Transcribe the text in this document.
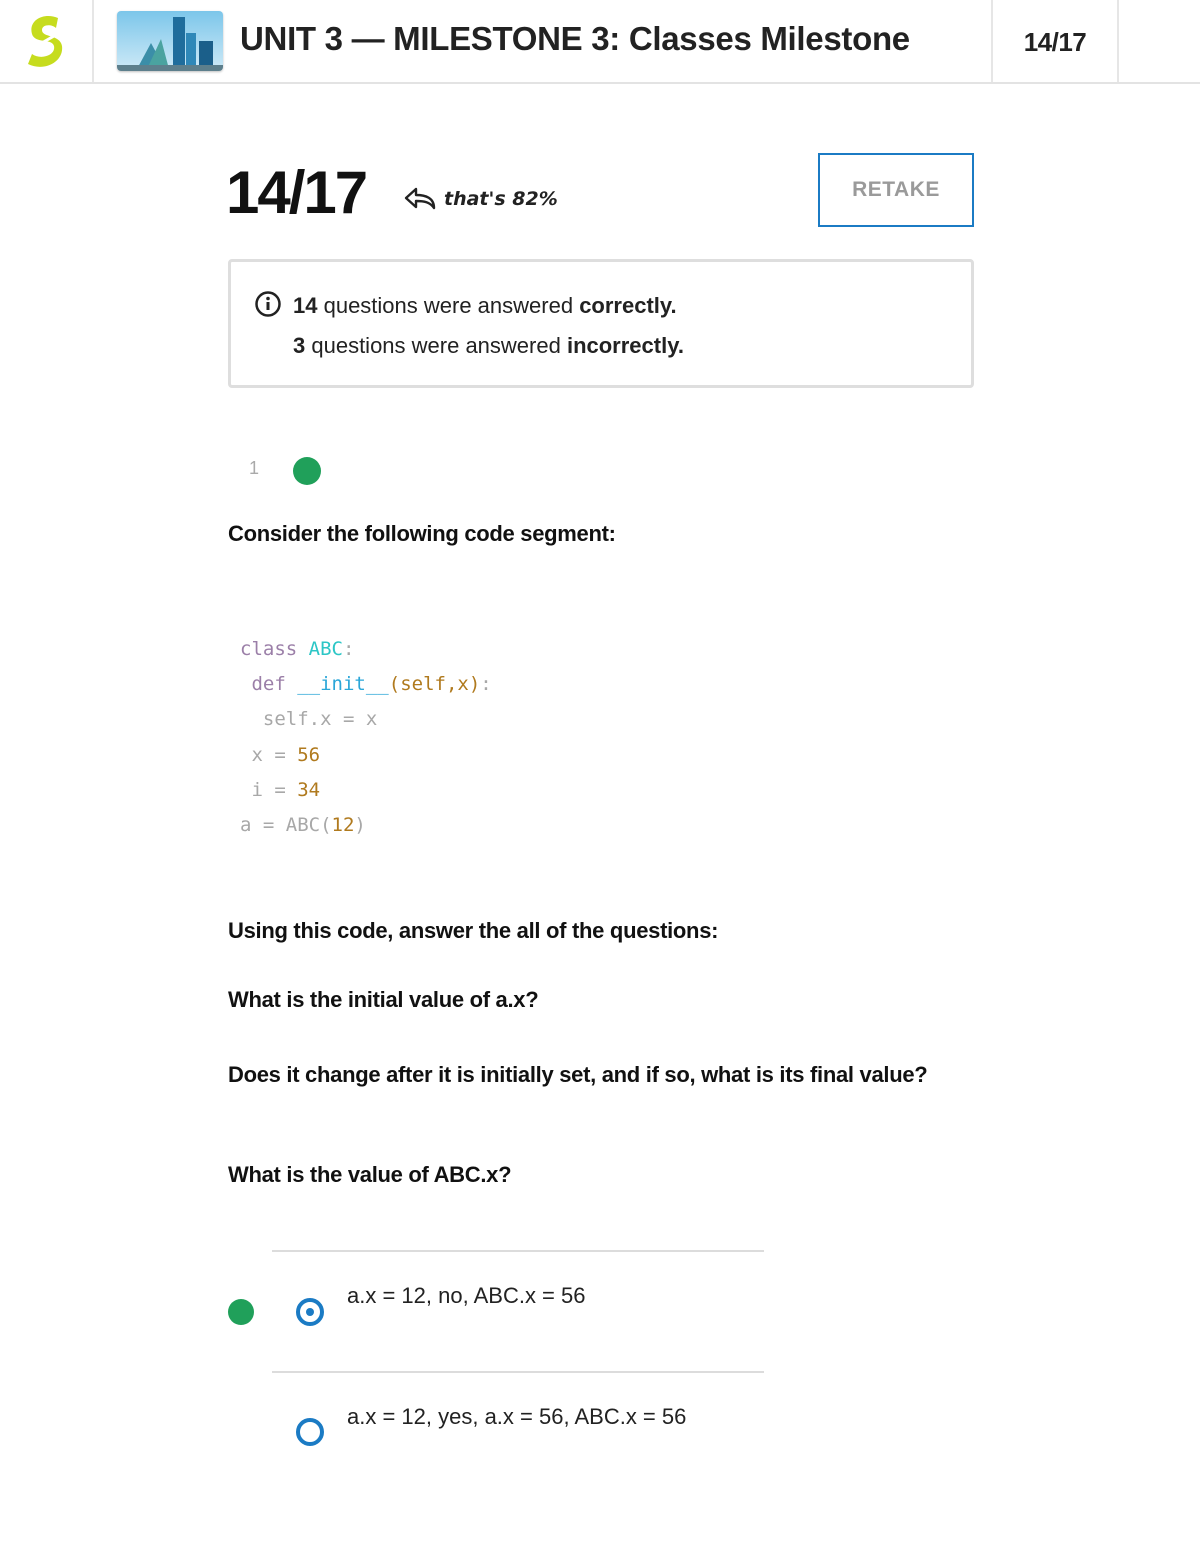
UNIT 3 — MILESTONE 3: Classes Milestone	14/17
14/17	that's 82%	RETAKE
14 questions were answered correctly.
3 questions were answered incorrectly.
1
Consider the following code segment:
class ABC:
def __init__(self,x):
self.x = x
x = 56
i = 34
a = ABC(12)
Using this code, answer the all of the questions:
What is the initial value of a.x?
Does it change after it is initially set, and if so, what is its final value?
What is the value of ABC.x?
a.x = 12, no, ABC.x = 56
a.x = 12, yes, a.x = 56, ABC.x = 56
